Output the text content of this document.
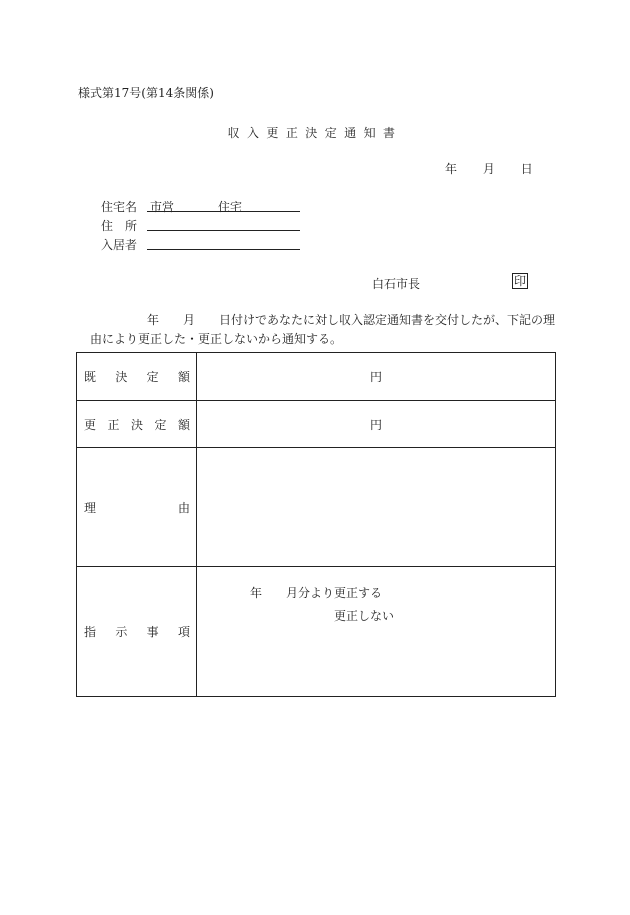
様式第17号(第14条関係)
収入更正決定通知書
年 月 日
住宅名 市営	住宅
住　所
入居者
白石市長	印
年 月 日付けであなたに対し収入認定通知書を交付したが、下記の理
由により更正した・更正しないから通知する。
既 決 定 額	円

更 正 決 定 額	円

理 由	

指 示 事 項	年 月分より更正する
更正しない
